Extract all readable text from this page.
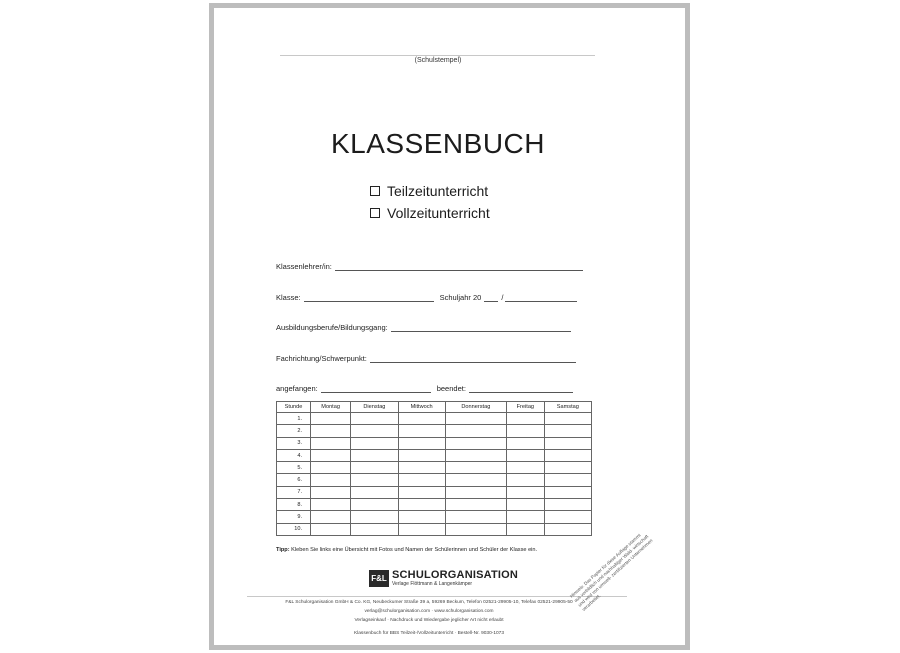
(Schulstempel)
KLASSENBUCH
Teilzeitunterricht
Vollzeitunterricht
Klassenlehrer/in:
Klasse:	Schuljahr 20	/
Ausbildungsberufe/Bildungsgang:
Fachrichtung/Schwerpunkt:
angefangen:	beendet:
Stunde	Montag	Dienstag	Mittwoch	Donnerstag	Freitag	Samstag
1.						
2.						
3.						
4.						
5.						
6.						
7.						
8.						
9.						
10.						
Tipp: Kleben Sie links eine Übersicht mit Fotos und Namen der Schülerinnen und Schüler der Klasse ein.
F&L SCHULORGANISATION
Verlage Flöttmann & Langenkämper
F&L Schulorganisation GmbH & Co. KG, Neubeckumer Straße 39 a, 59269 Beckum, Telefon 02521-29905-10, Telefax 02521-29905-50
verlag@schulorganisation.com · www.schulorganisation.com
Verlagseinkauf · Nachdruck und Wiedergabe jeglicher Art nicht erlaubt
Klassenbuch für BBS Teilzeit-/Vollzeitunterricht · Bestell-Nr. 9030-1073
Hinweis: Das Papier für diese Auflage stammt aus vorbildlich und nachhaltiger Wald- wirtschaft und wird von umwelt- zertifizierten Unternehmen verarbeitet.
